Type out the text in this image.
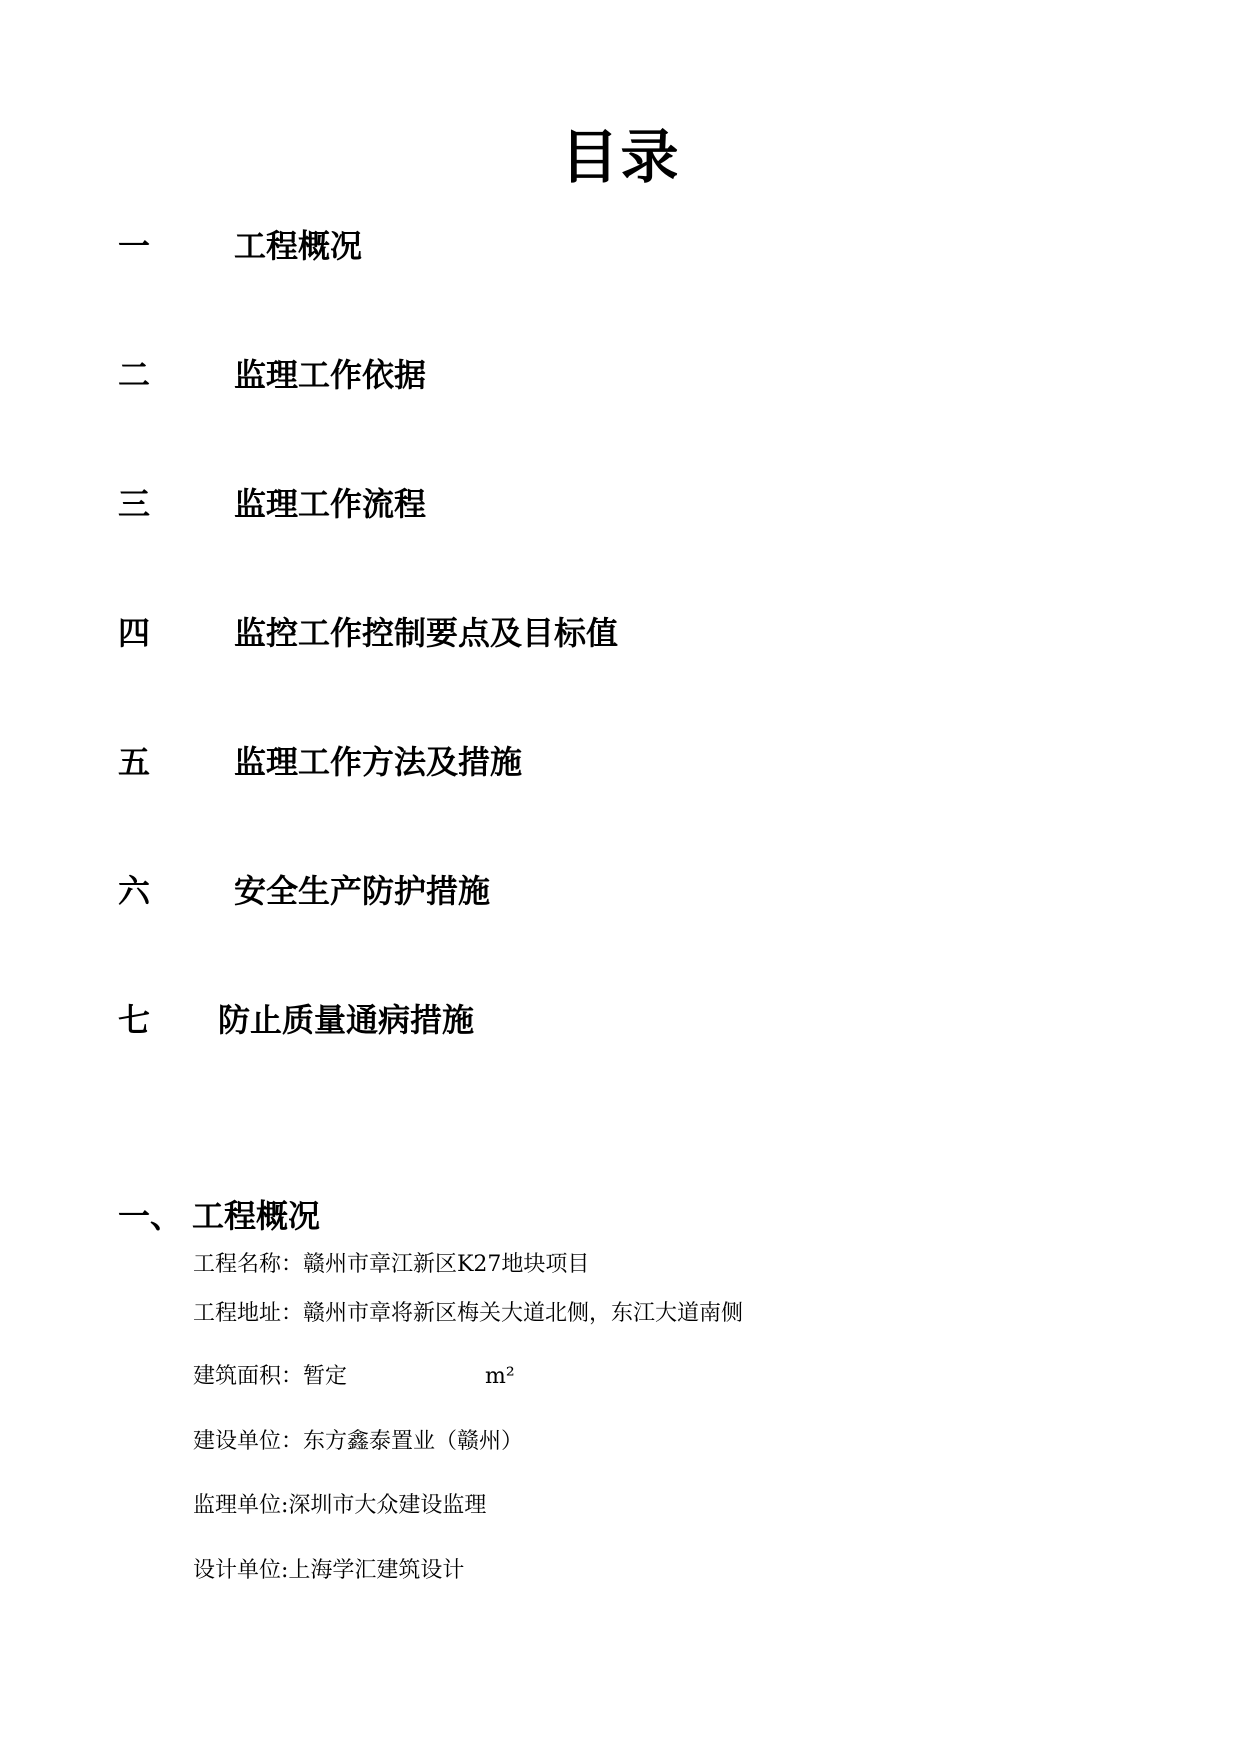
目录
一	工程概况
二	监理工作依据
三	监理工作流程
四	监控工作控制要点及目标值
五	监理工作方法及措施
六	安全生产防护措施
七 防止质量通病措施
一、 工程概况
工程名称：赣州市章江新区K27地块项目
工程地址：赣州市章将新区梅关大道北侧，东江大道南侧
建筑面积：暂定	m²
建设单位：东方鑫泰置业（赣州）
监理单位:深圳市大众建设监理
设计单位:上海学汇建筑设计
